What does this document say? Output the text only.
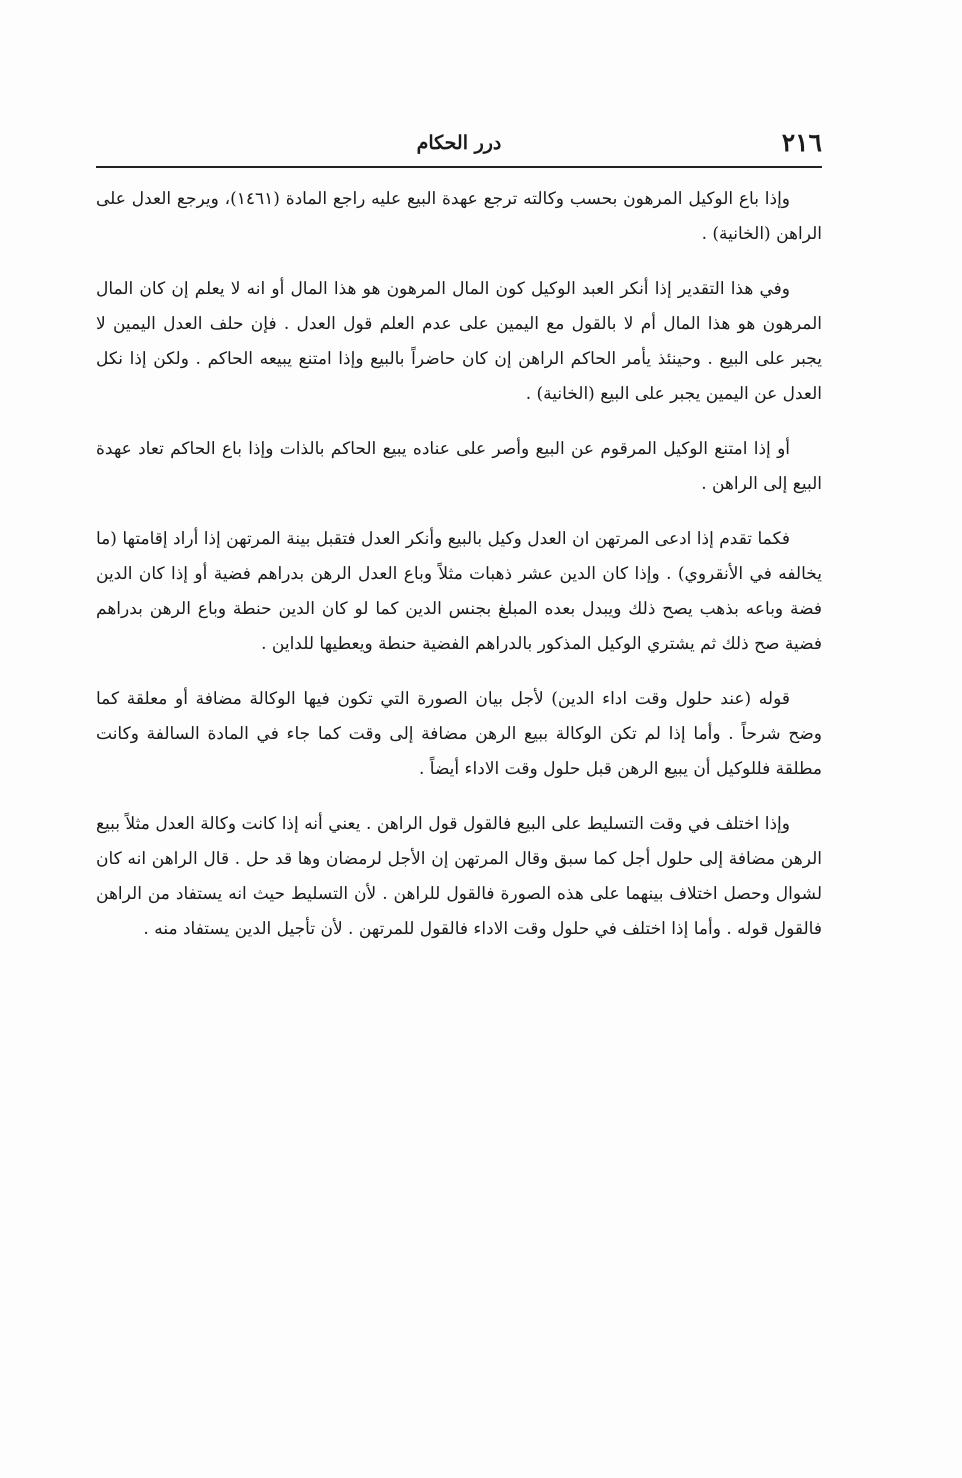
٢١٦
درر الحكام

وإذا باع الوكيل المرهون بحسب وكالته ترجع عهدة البيع عليه راجع المادة (١٤٦١)، ويرجع العدل على الراهن (الخانية) .

وفي هذا التقدير إذا أنكر العبد الوكيل كون المال المرهون هو هذا المال أو انه لا يعلم إن كان المال المرهون هو هذا المال أم لا بالقول مع اليمين على عدم العلم قول العدل . فإن حلف العدل اليمين لا يجبر على البيع . وحينئذ يأمر الحاكم الراهن إن كان حاضراً بالبيع وإذا امتنع يبيعه الحاكم . ولكن إذا نكل العدل عن اليمين يجبر على البيع (الخانية) .

أو إذا امتنع الوكيل المرقوم عن البيع وأصر على عناده يبيع الحاكم بالذات وإذا باع الحاكم تعاد عهدة البيع إلى الراهن .

فكما تقدم إذا ادعى المرتهن ان العدل وكيل بالبيع وأنكر العدل فتقبل بينة المرتهن إذا أراد إقامتها (ما يخالفه في الأنقروي) . وإذا كان الدين عشر ذهبات مثلاً وباع العدل الرهن بدراهم فضية أو إذا كان الدين فضة وباعه بذهب يصح ذلك ويبدل بعده المبلغ بجنس الدين كما لو كان الدين حنطة وباع الرهن بدراهم فضية صح ذلك ثم يشتري الوكيل المذكور بالدراهم الفضية حنطة ويعطيها للداين .

قوله (عند حلول وقت اداء الدين) لأجل بيان الصورة التي تكون فيها الوكالة مضافة أو معلقة كما وضح شرحاً . وأما إذا لم تكن الوكالة ببيع الرهن مضافة إلى وقت كما جاء في المادة السالفة وكانت مطلقة فللوكيل أن يبيع الرهن قبل حلول وقت الاداء أيضاً .

وإذا اختلف في وقت التسليط على البيع فالقول قول الراهن . يعني أنه إذا كانت وكالة العدل مثلاً ببيع الرهن مضافة إلى حلول أجل كما سبق وقال المرتهن إن الأجل لرمضان وها قد حل . قال الراهن انه كان لشوال وحصل اختلاف بينهما على هذه الصورة فالقول للراهن . لأن التسليط حيث انه يستفاد من الراهن فالقول قوله . وأما إذا اختلف في حلول وقت الاداء فالقول للمرتهن . لأن تأجيل الدين يستفاد منه .
